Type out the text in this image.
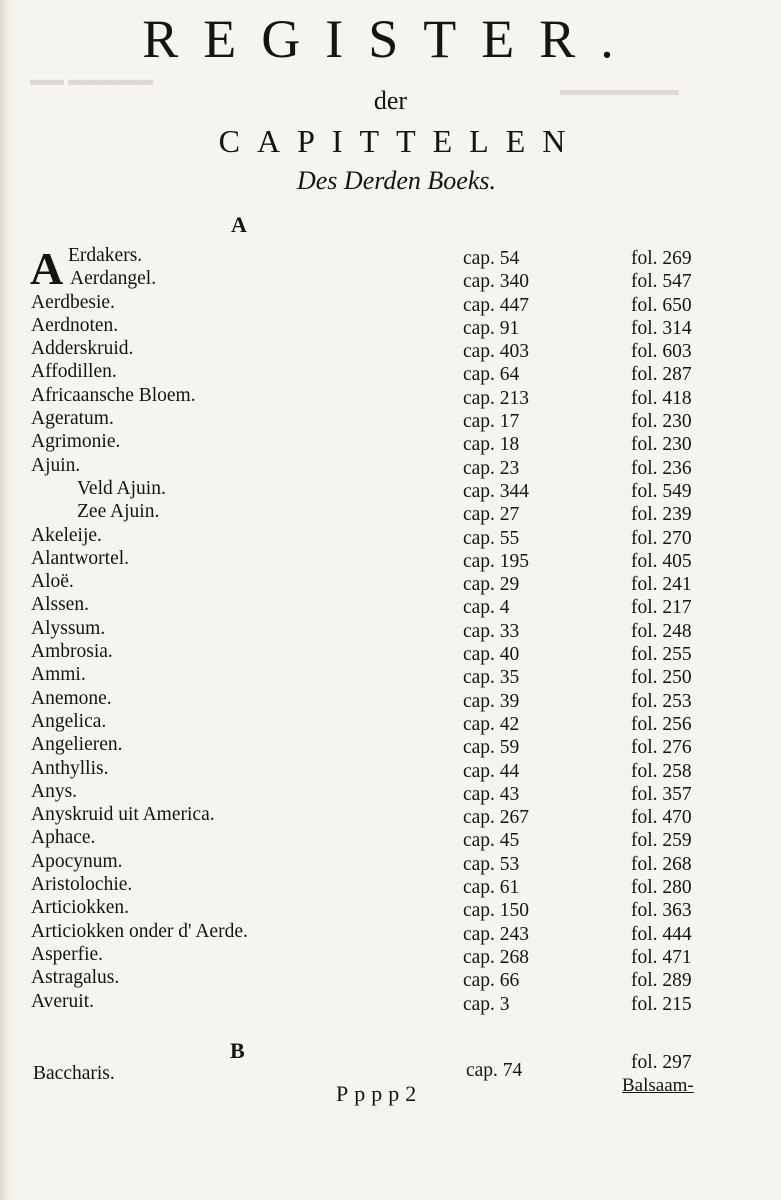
▬▬▬▬▬▬▬
▬▬▬▬▬ ▬▬
REGISTER.
der
CAPITTELEN
Des Derden Boeks.
A
A Erdakers.	cap. 54	fol. 269
Aerdangel.	cap. 340	fol. 547
Aerdbesie.	cap. 447	fol. 650
Aerdnoten.	cap. 91	fol. 314
Adderskruid.	cap. 403	fol. 603
Affodillen.	cap. 64	fol. 287
Africaansche Bloem.	cap. 213	fol. 418
Ageratum.	cap. 17	fol. 230
Agrimonie.	cap. 18	fol. 230
Ajuin.	cap. 23	fol. 236
Veld Ajuin.	cap. 344	fol. 549
Zee Ajuin.	cap. 27	fol. 239
Akeleije.	cap. 55	fol. 270
Alantwortel.	cap. 195	fol. 405
Aloë.	cap. 29	fol. 241
Alssen.	cap. 4	fol. 217
Alyssum.	cap. 33	fol. 248
Ambrosia.	cap. 40	fol. 255
Ammi.	cap. 35	fol. 250
Anemone.	cap. 39	fol. 253
Angelica.	cap. 42	fol. 256
Angelieren.	cap. 59	fol. 276
Anthyllis.	cap. 44	fol. 258
Anys.	cap. 43	fol. 357
Anyskruid uit America.	cap. 267	fol. 470
Aphace.	cap. 45	fol. 259
Apocynum.	cap. 53	fol. 268
Aristolochie.	cap. 61	fol. 280
Articiokken.	cap. 150	fol. 363
Articiokken onder d' Aerde.	cap. 243	fol. 444
Asperfie.	cap. 268	fol. 471
Astragalus.	cap. 66	fol. 289
Averuit.	cap. 3	fol. 215
B
Baccharis.	cap. 74	fol. 297
Pppp2	Balsaam-
